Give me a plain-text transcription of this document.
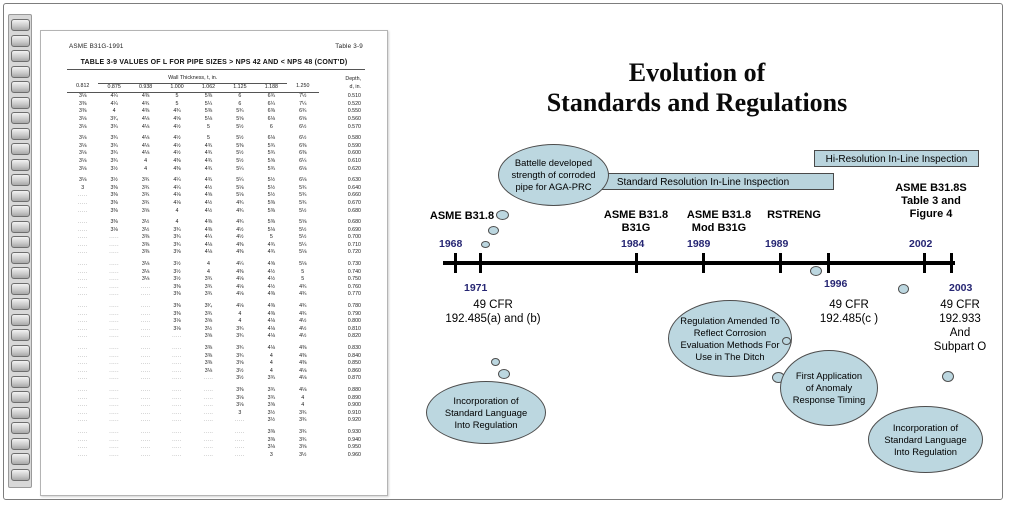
ASME B31G-1991	Table 3-9
TABLE 3-9 VALUES OF L FOR PIPE SIZES > NPS 42 AND < NPS 48 (CONT'D)
	Wall Thickness, t, in.							Depth,
d, in.
0.812	0.875	0.938	1.000	1.062	1.125	1.188	1.250	
3⅛	4¼	4⅜	5	5⅜	6	6¾	7½	0.510
3⅜	4¼	4¾	5	5¼	6	6¼	7¼	0.520
3⅜	4	4⅜	4¾	5⅜	5¾	6⅜	6¾	0.550
3⅛	3³⁄₄	4⅛	4⅝	5⅛	5⅝	6⅛	6⅝	0.560
3⅛	3¾	4⅛	4½	5	5½	6	6½	0.570

3⅛	3¾	4⅛	4½	5	5½	6⅛	6½	0.580
3⅛	3¾	4⅛	4½	4¾	5⅜	5¾	6⅜	0.590
3⅛	3¾	4⅛	4½	4¾	5½	5¾	6⅜	0.600
3⅛	3¾	4	4⅜	4¾	5½	5⅝	6¼	0.610
3⅛	3½	4	4⅜	4¾	5¼	5¾	6⅛	0.620

3⅛	3½	3¾	4¼	4¾	5¼	5½	6⅛	0.630
3	3⅜	3¾	4¼	4½	5⅛	5½	5¾	0.640
.....	3⅜	3¾	4⅛	4⅝	5⅛	5½	5¾	0.660
.....	3⅜	3¾	4⅛	4½	4¾	5⅜	5¾	0.670
.....	3⅜	3⅝	4	4½	4¾	5⅜	5½	0.680

.....	3⅜	3½	4	4⅜	4¾	5⅜	5⅝	0.680
.....	3⅛	3½	3¾	4⅜	4½	5⅛	5½	0.690
.....	.....	3⅜	3¾	4¼	4½	5	5½	0.700
.....	.....	3⅜	3¾	4⅛	4⅜	4¾	5¼	0.710
.....	.....	3⅜	3⅝	4⅛	4⅜	4¾	5⅛	0.720

.....	.....	3⅛	3½	4	4¼	4⅝	5⅛	0.730
.....	.....	3⅛	3½	4	4⅜	4½	5	0.740
.....	.....	3⅛	3½	3¾	4⅛	4½	5	0.750
.....	.....	.....	3⅜	3¾	4⅛	4½	4¾	0.760
.....	.....	.....	3⅜	3¾	4⅛	4⅜	4¾	0.770

.....	.....	.....	3⅜	3³⁄₄	4⅛	4⅜	4¾	0.780
.....	.....	.....	3⅜	3¾	4	4⅜	4¾	0.790
.....	.....	.....	3⅛	3⅝	4	4⅛	4½	0.800
.....	.....	.....	3⅛	3½	3¾	4⅛	4½	0.810
.....	.....	.....	.....	3⅝	3¾	4⅛	4½	0.820

.....	.....	.....	.....	3⅜	3¾	4⅛	4⅜	0.830
.....	.....	.....	.....	3⅜	3¾	4	4⅜	0.840
.....	.....	.....	.....	3⅜	3⅝	4	4⅜	0.850
.....	.....	.....	.....	3⅛	3½	4	4⅛	0.860
.....	.....	.....	.....	.....	3½	3¾	4⅛	0.870

.....	.....	.....	.....	.....	3⅜	3¾	4⅛	0.880
.....	.....	.....	.....	.....	3⅛	3¾	4	0.890
.....	.....	.....	.....	.....	3⅛	3⅝	4	0.900
.....	.....	.....	.....	.....	3	3½	3¾	0.910
.....	.....	.....	.....	.....	.....	3½	3¾	0.920

.....	.....	.....	.....	.....	.....	3⅜	3¾	0.930
.....	.....	.....	.....	.....	.....	3⅜	3¾	0.940
.....	.....	.....	.....	.....	.....	3⅛	3⅝	0.950
.....	.....	.....	.....	.....	.....	3	3½	0.960
Evolution of
Standards and Regulations
Hi-Resolution In-Line Inspection
Standard Resolution In-Line Inspection
1968	1984	1989	1989	2002
1971	1996	2003
ASME B31.8	ASME B31.8
B31G
ASME B31.8
Mod B31G
RSTRENG
ASME B31.8S
Table 3 and
Figure 4
49 CFR
192.485(a) and (b)
49 CFR
192.485(c )
49 CFR
192.933
And
Subpart O
Battelle developed strength of corroded pipe for AGA-PRC
Incorporation of Standard Language Into Regulation
Regulation Amended To Reflect Corrosion Evaluation Methods For Use in The Ditch
First Application of Anomaly Response Timing
Incorporation of Standard Language Into Regulation
